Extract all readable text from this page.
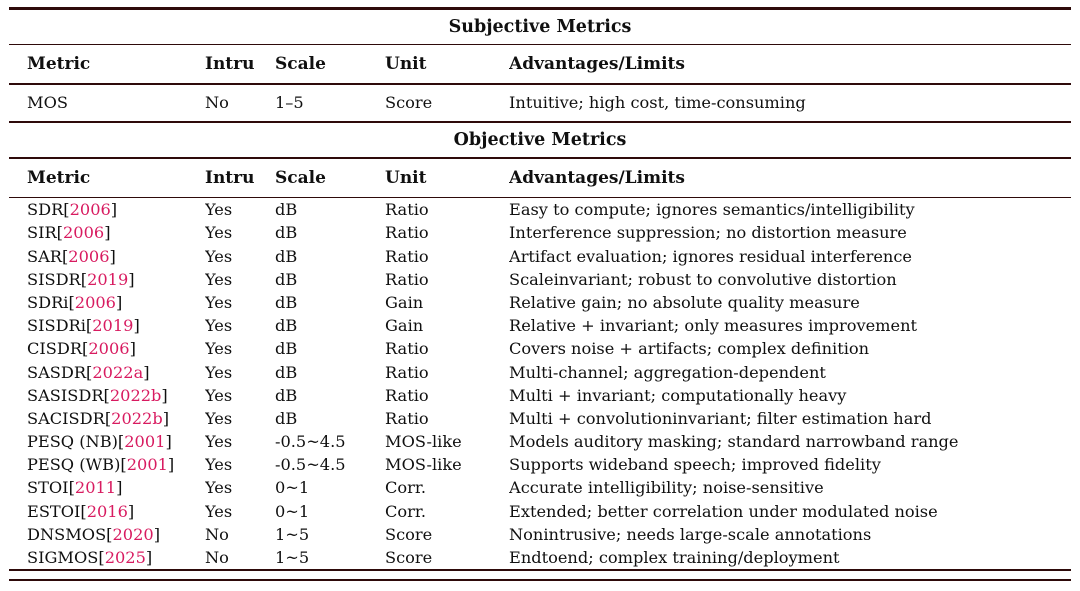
Subjective Metrics
Metric	Intru	Scale	Unit	Advantages/Limits
MOS	No	1–5	Score	Intuitive; high cost, time-consuming
Objective Metrics
Metric	Intru	Scale	Unit	Advantages/Limits
SDR[2006]	Yes	dB	Ratio	Easy to compute; ignores semantics/intelligibility
SIR[2006]	Yes	dB	Ratio	Interference suppression; no distortion measure
SAR[2006]	Yes	dB	Ratio	Artifact evaluation; ignores residual interference
SISDR[2019]	Yes	dB	Ratio	Scaleinvariant; robust to convolutive distortion
SDRi[2006]	Yes	dB	Gain	Relative gain; no absolute quality measure
SISDRi[2019]	Yes	dB	Gain	Relative + invariant; only measures improvement
CISDR[2006]	Yes	dB	Ratio	Covers noise + artifacts; complex definition
SASDR[2022a]	Yes	dB	Ratio	Multi-channel; aggregation-dependent
SASISDR[2022b]	Yes	dB	Ratio	Multi + invariant; computationally heavy
SACISDR[2022b]	Yes	dB	Ratio	Multi + convolutioninvariant; filter estimation hard
PESQ (NB)[2001]	Yes	-0.5~4.5	MOS-like	Models auditory masking; standard narrowband range
PESQ (WB)[2001]	Yes	-0.5~4.5	MOS-like	Supports wideband speech; improved fidelity
STOI[2011]	Yes	0~1	Corr.	Accurate intelligibility; noise-sensitive
ESTOI[2016]	Yes	0~1	Corr.	Extended; better correlation under modulated noise
DNSMOS[2020]	No	1~5	Score	Nonintrusive; needs large-scale annotations
SIGMOS[2025]	No	1~5	Score	Endtoend; complex training/deployment
